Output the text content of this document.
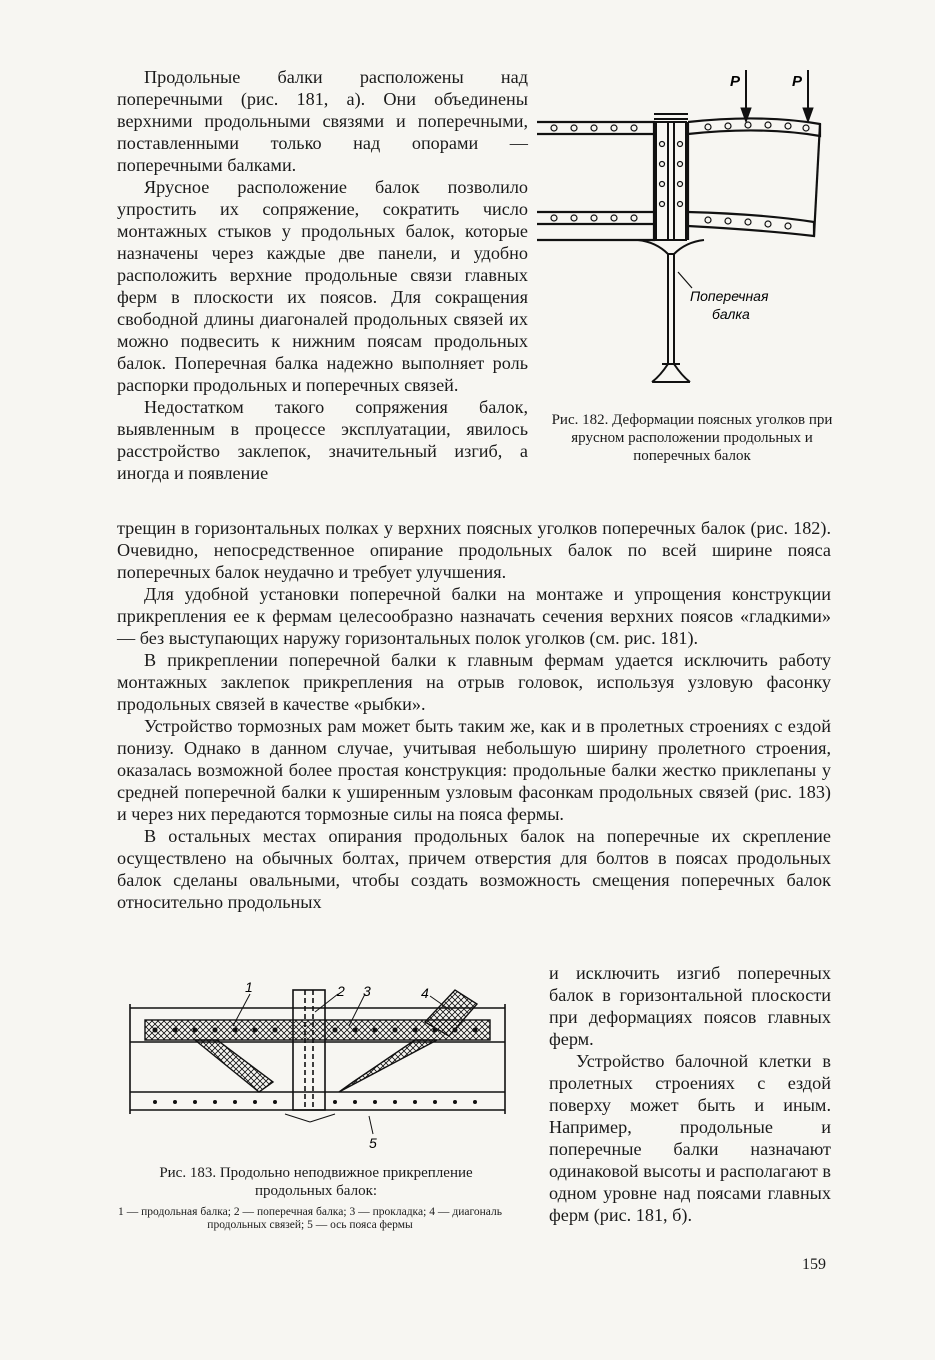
Продольные балки расположены над поперечными (рис. 181, а). Они объединены верхними продольными связями и поперечными, поставленными только над опорами — поперечными балками.

Ярусное расположение балок позволило упростить их сопряжение, сократить число монтажных стыков у продольных балок, которые назначены через каждые две панели, и удобно расположить верхние продольные связи главных ферм в плоскости их поясов. Для сокращения свободной длины диагоналей продольных связей их можно подвесить к нижним поясам продольных балок. Поперечная балка надежно выполняет роль распорки продольных и поперечных связей.

Недостатком такого сопряжения балок, выявленным в процессе эксплуатации, явилось расстройство заклепок, значительный изгиб, а иногда и появление

P	P
Поперечная
балка
Рис. 182. Деформации поясных уголков при ярусном расположении продольных и поперечных балок

трещин в горизонтальных полках у верхних поясных уголков поперечных балок (рис. 182). Очевидно, непосредственное опирание продольных балок по всей ширине пояса поперечных балок неудачно и требует улучшения.

Для удобной установки поперечной балки на монтаже и упрощения конструкции прикрепления ее к фермам целесообразно назначать сечения верхних поясов «гладкими» — без выступающих наружу горизонтальных полок уголков (см. рис. 181).

В прикреплении поперечной балки к главным фермам удается исключить работу монтажных заклепок прикрепления на отрыв головок, используя узловую фасонку продольных связей в качестве «рыбки».

Устройство тормозных рам может быть таким же, как и в пролетных строениях с ездой понизу. Однако в данном случае, учитывая небольшую ширину пролетного строения, оказалась возможной более простая конструкция: продольные балки жестко приклепаны у средней поперечной балки к уширенным узловым фасонкам продольных связей (рис. 183) и через них передаются тормозные силы на пояса фермы.

В остальных местах опирания продольных балок на поперечные их скрепление осуществлено на обычных болтах, причем отверстия для болтов в поясах продольных балок сделаны овальными, чтобы создать возможность смещения поперечных балок относительно продольных

и исключить изгиб поперечных балок в горизонтальной плоскости при деформациях поясов главных ферм.

Устройство балочной клетки в пролетных строениях с ездой поверху может быть и иным. Например, продольные и поперечные балки назначают одинаковой высоты и располагают в одном уровне над поясами главных ферм (рис. 181, б).

1	2 3	4
5
Рис. 183. Продольно неподвижное прикрепление продольных балок:
1 — продольная балка; 2 — поперечная балка; 3 — прокладка; 4 — диагональ продольных связей; 5 — ось пояса фермы
159
